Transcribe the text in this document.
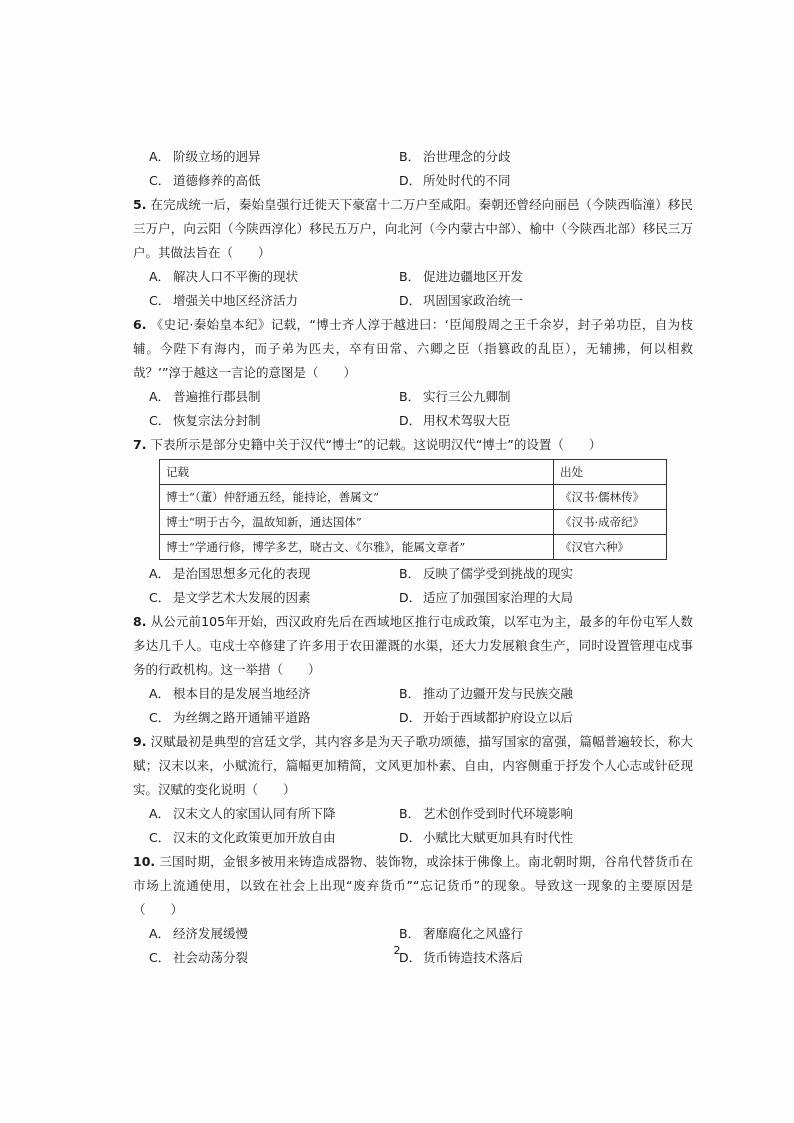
A． 阶级立场的迥异	B． 治世理念的分歧
C． 道德修养的高低	D． 所处时代的不同

5. 在完成统一后，秦始皇强行迁徙天下豪富十二万户至咸阳。秦朝还曾经向丽邑（今陕西临潼）移民三万户，向云阳（今陕西淳化）移民五万户，向北河（今内蒙古中部）、榆中（今陕西北部）移民三万户。其做法旨在（　　）

A． 解决人口不平衡的现状	B． 促进边疆地区开发
C． 增强关中地区经济活力	D． 巩固国家政治统一

6. 《史记·秦始皇本纪》记载，“博士齐人淳于越进曰：‘臣闻殷周之王千余岁，封子弟功臣，自为枝辅。今陛下有海内，而子弟为匹夫，卒有田常、六卿之臣（指篡政的乱臣），无辅拂，何以相救哉？’”淳于越这一言论的意图是（　　）

A． 普遍推行郡县制	B． 实行三公九卿制
C． 恢复宗法分封制	D． 用权术驾驭大臣

7. 下表所示是部分史籍中关于汉代“博士”的记载。这说明汉代“博士”的设置（　　）

记载	出处
博士“（董）仲舒通五经，能持论，善属文”	《汉书·儒林传》
博士“明于古今，温故知新，通达国体”	《汉书·成帝纪》
博士“学通行修，博学多艺，晓古文、《尔雅》，能属文章者”	《汉官六种》
A． 是治国思想多元化的表现	B． 反映了儒学受到挑战的现实
C． 是文学艺术大发展的因素	D． 适应了加强国家治理的大局

8. 从公元前105年开始，西汉政府先后在西域地区推行屯成政策，以军屯为主，最多的年份屯军人数多达几千人。屯戍士卒修建了许多用于农田灌溉的水渠，还大力发展粮食生产，同时设置管理屯戍事务的行政机构。这一举措（　　）

A． 根本目的是发展当地经济	B． 推动了边疆开发与民族交融
C． 为丝绸之路开通铺平道路	D． 开始于西域都护府设立以后

9. 汉赋最初是典型的宫廷文学，其内容多是为天子歌功颂德，描写国家的富强，篇幅普遍较长，称大赋；汉末以来，小赋流行，篇幅更加精简，文风更加朴素、自由，内容侧重于抒发个人心志或针砭现实。汉赋的变化说明（　　）

A． 汉末文人的家国认同有所下降	B． 艺术创作受到时代环境影响
C． 汉末的文化政策更加开放自由	D． 小赋比大赋更加具有时代性

10. 三国时期，金银多被用来铸造成器物、装饰物，或涂抹于佛像上。南北朝时期，谷帛代替货币在市场上流通使用，以致在社会上出现“废弃货币”“忘记货币”的现象。导致这一现象的主要原因是（　　）

A． 经济发展缓慢	B． 奢靡腐化之风盛行
C． 社会动荡分裂	D． 货币铸造技术落后
2
